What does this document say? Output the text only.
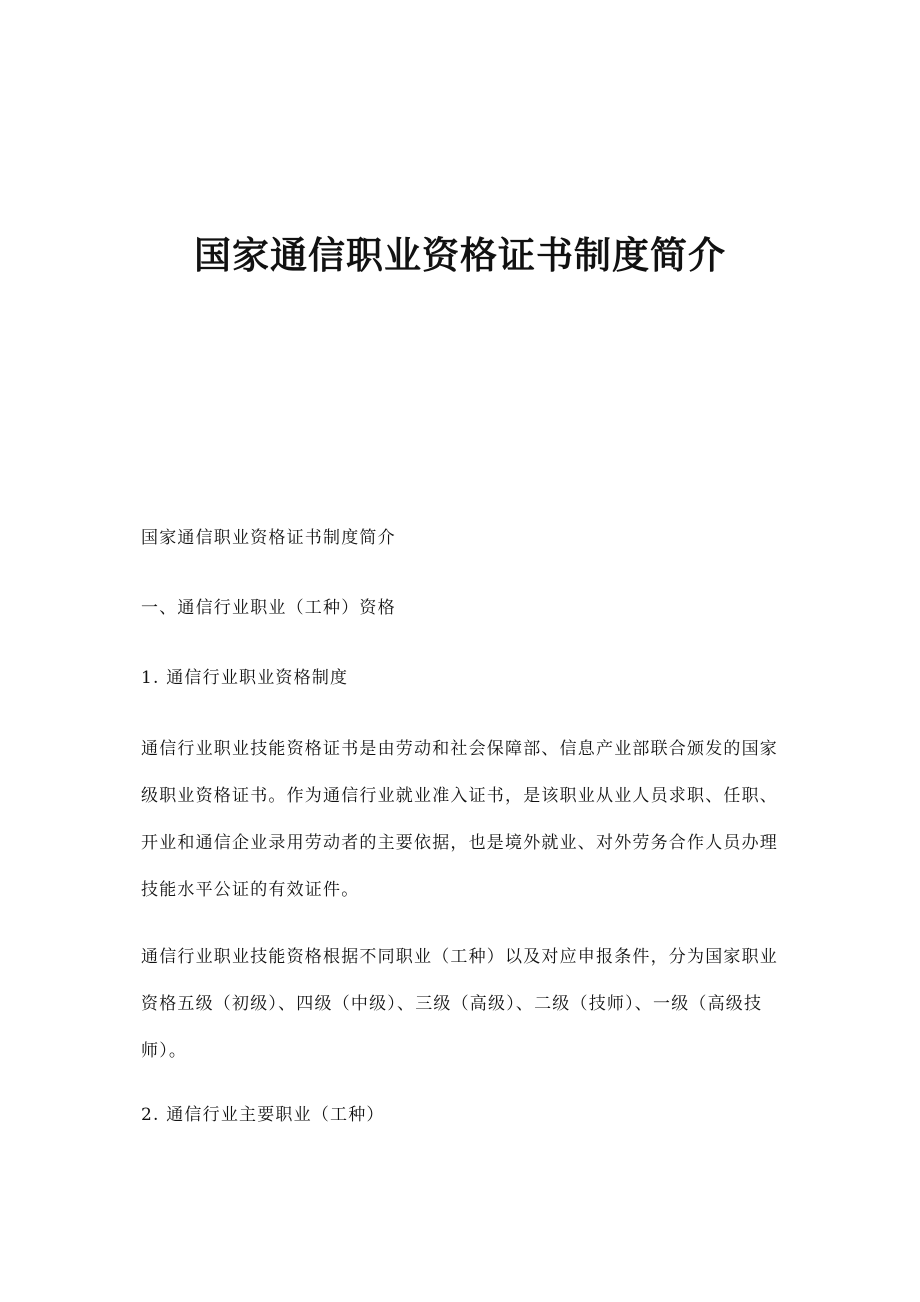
国家通信职业资格证书制度简介

国家通信职业资格证书制度简介

一、通信行业职业（工种）资格

1. 通信行业职业资格制度

通信行业职业技能资格证书是由劳动和社会保障部、信息产业部联合颁发的国家级职业资格证书。作为通信行业就业准入证书，是该职业从业人员求职、任职、开业和通信企业录用劳动者的主要依据，也是境外就业、对外劳务合作人员办理技能水平公证的有效证件。

通信行业职业技能资格根据不同职业（工种）以及对应申报条件，分为国家职业资格五级（初级）、四级（中级）、三级（高级）、二级（技师）、一级（高级技师）。

2. 通信行业主要职业（工种）
